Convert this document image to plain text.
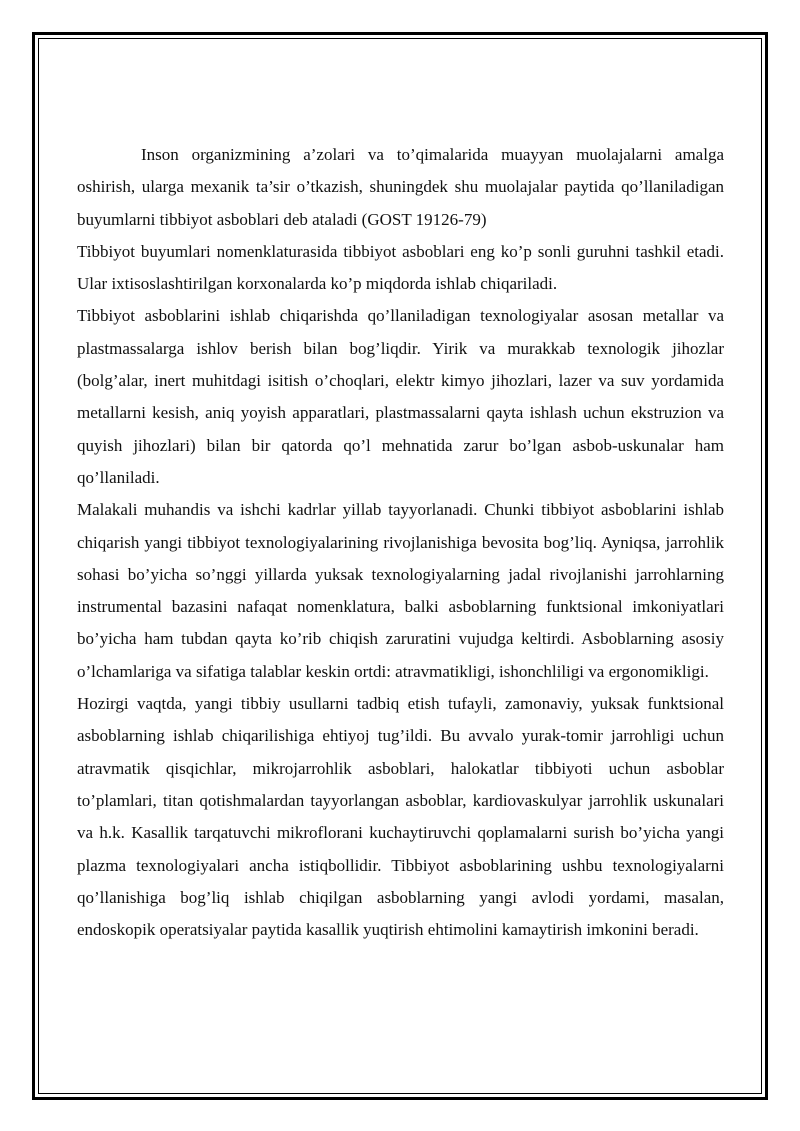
Inson organizmining a’zolari va to’qimalarida muayyan muolajalarni amalga oshirish, ularga mexanik ta’sir o’tkazish, shuningdek shu muolajalar paytida qo’llaniladigan buyumlarni tibbiyot asboblari deb ataladi (GOST 19126-79)

Tibbiyot buyumlari nomenklaturasida tibbiyot asboblari eng ko’p sonli guruhni tashkil etadi. Ular ixtisoslashtirilgan korxonalarda ko’p miqdorda ishlab chiqariladi.

Tibbiyot asboblarini ishlab chiqarishda qo’llaniladigan texnologiyalar asosan metallar va plastmassalarga ishlov berish bilan bog’liqdir. Yirik va murakkab texnologik jihozlar (bolg’alar, inert muhitdagi isitish o’choqlari, elektr kimyo jihozlari, lazer va suv yordamida metallarni kesish, aniq yoyish apparatlari, plastmassalarni qayta ishlash uchun ekstruzion va quyish jihozlari) bilan bir qatorda qo’l mehnatida zarur bo’lgan asbob-uskunalar ham qo’llaniladi.

Malakali muhandis va ishchi kadrlar yillab tayyorlanadi. Chunki tibbiyot asboblarini ishlab chiqarish yangi tibbiyot texnologiyalarining rivojlanishiga bevosita bog’liq. Ayniqsa, jarrohlik sohasi bo’yicha so’nggi yillarda yuksak texnologiyalarning jadal rivojlanishi jarrohlarning instrumental bazasini nafaqat nomenklatura, balki asboblarning funktsional imkoniyatlari bo’yicha ham tubdan qayta ko’rib chiqish zaruratini vujudga keltirdi. Asboblarning asosiy o’lchamlariga va sifatiga talablar keskin ortdi: atravmatikligi, ishonchliligi va ergonomikligi.

Hozirgi vaqtda, yangi tibbiy usullarni tadbiq etish tufayli, zamonaviy, yuksak funktsional asboblarning ishlab chiqarilishiga ehtiyoj tug’ildi. Bu avvalo yurak-tomir jarrohligi uchun atravmatik qisqichlar, mikrojarrohlik asboblari, halokatlar tibbiyoti uchun asboblar to’plamlari, titan qotishmalardan tayyorlangan asboblar, kardiovaskulyar jarrohlik uskunalari va h.k. Kasallik tarqatuvchi mikroflorani kuchaytiruvchi qoplamalarni surish bo’yicha yangi plazma texnologiyalari ancha istiqbollidir. Tibbiyot asboblarining ushbu texnologiyalarni qo’llanishiga bog’liq ishlab chiqilgan asboblarning yangi avlodi yordami, masalan, endoskopik operatsiyalar paytida kasallik yuqtirish ehtimolini kamaytirish imkonini beradi.
